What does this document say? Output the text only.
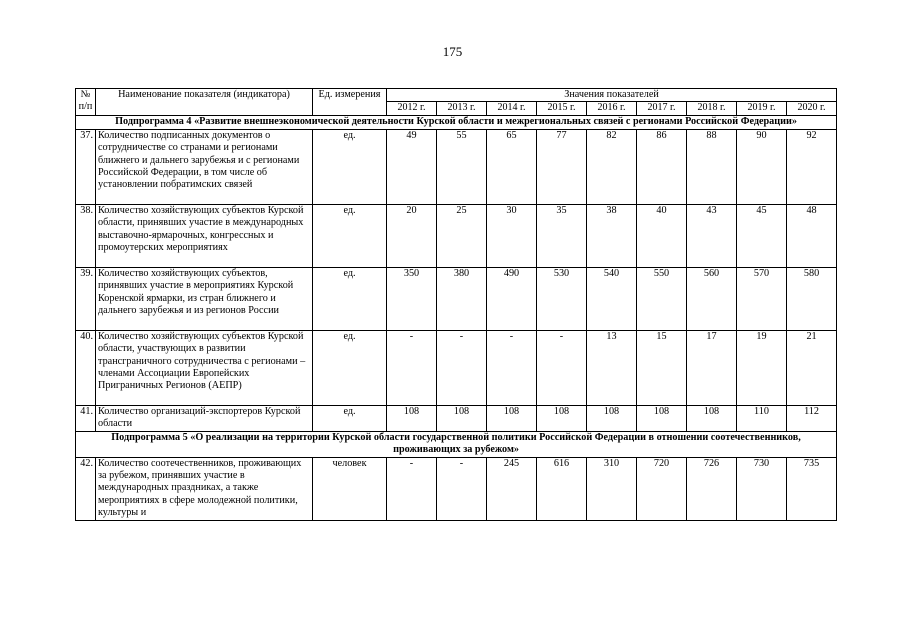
175
№ п/п	Наименование показателя (индикатора)	Ед. измерения	Значения показателей								
			2012 г.	2013 г.	2014 г.	2015 г.	2016 г.	2017 г.	2018 г.	2019 г.	2020 г.
Подпрограмма 4 «Развитие внешнеэкономической деятельности Курской области и межрегиональных связей с регионами Российской Федерации»											
37.	Количество подписанных документов о сотрудничестве со странами и регионами ближнего и дальнего зарубежья и с регионами Российской Федерации, в том числе об установлении побратимских связей	ед.	49	55	65	77	82	86	88	90	92
38.	Количество хозяйствующих субъектов Курской области, принявших участие в международных выставочно-ярмарочных, конгрессных и промоутерских мероприятиях	ед.	20	25	30	35	38	40	43	45	48
39.	Количество хозяйствующих субъектов, принявших участие в мероприятиях Курской Коренской ярмарки, из стран ближнего и дальнего зарубежья и из регионов России	ед.	350	380	490	530	540	550	560	570	580
40.	Количество хозяйствующих субъектов Курской области, участвующих в развитии трансграничного сотрудничества с регионами – членами Ассоциации Европейских Приграничных Регионов (АЕПР)	ед.	-	-	-	-	13	15	17	19	21
41.	Количество организаций-экспортеров Курской области	ед.	108	108	108	108	108	108	108	110	112
Подпрограмма 5 «О реализации на территории Курской области государственной политики Российской Федерации в отношении соотечественников, проживающих за рубежом»											
42.	Количество соотечественников, проживающих за рубежом, принявших участие в международных праздниках, а также мероприятиях в сфере молодежной политики, культуры и	человек	-	-	245	616	310	720	726	730	735
